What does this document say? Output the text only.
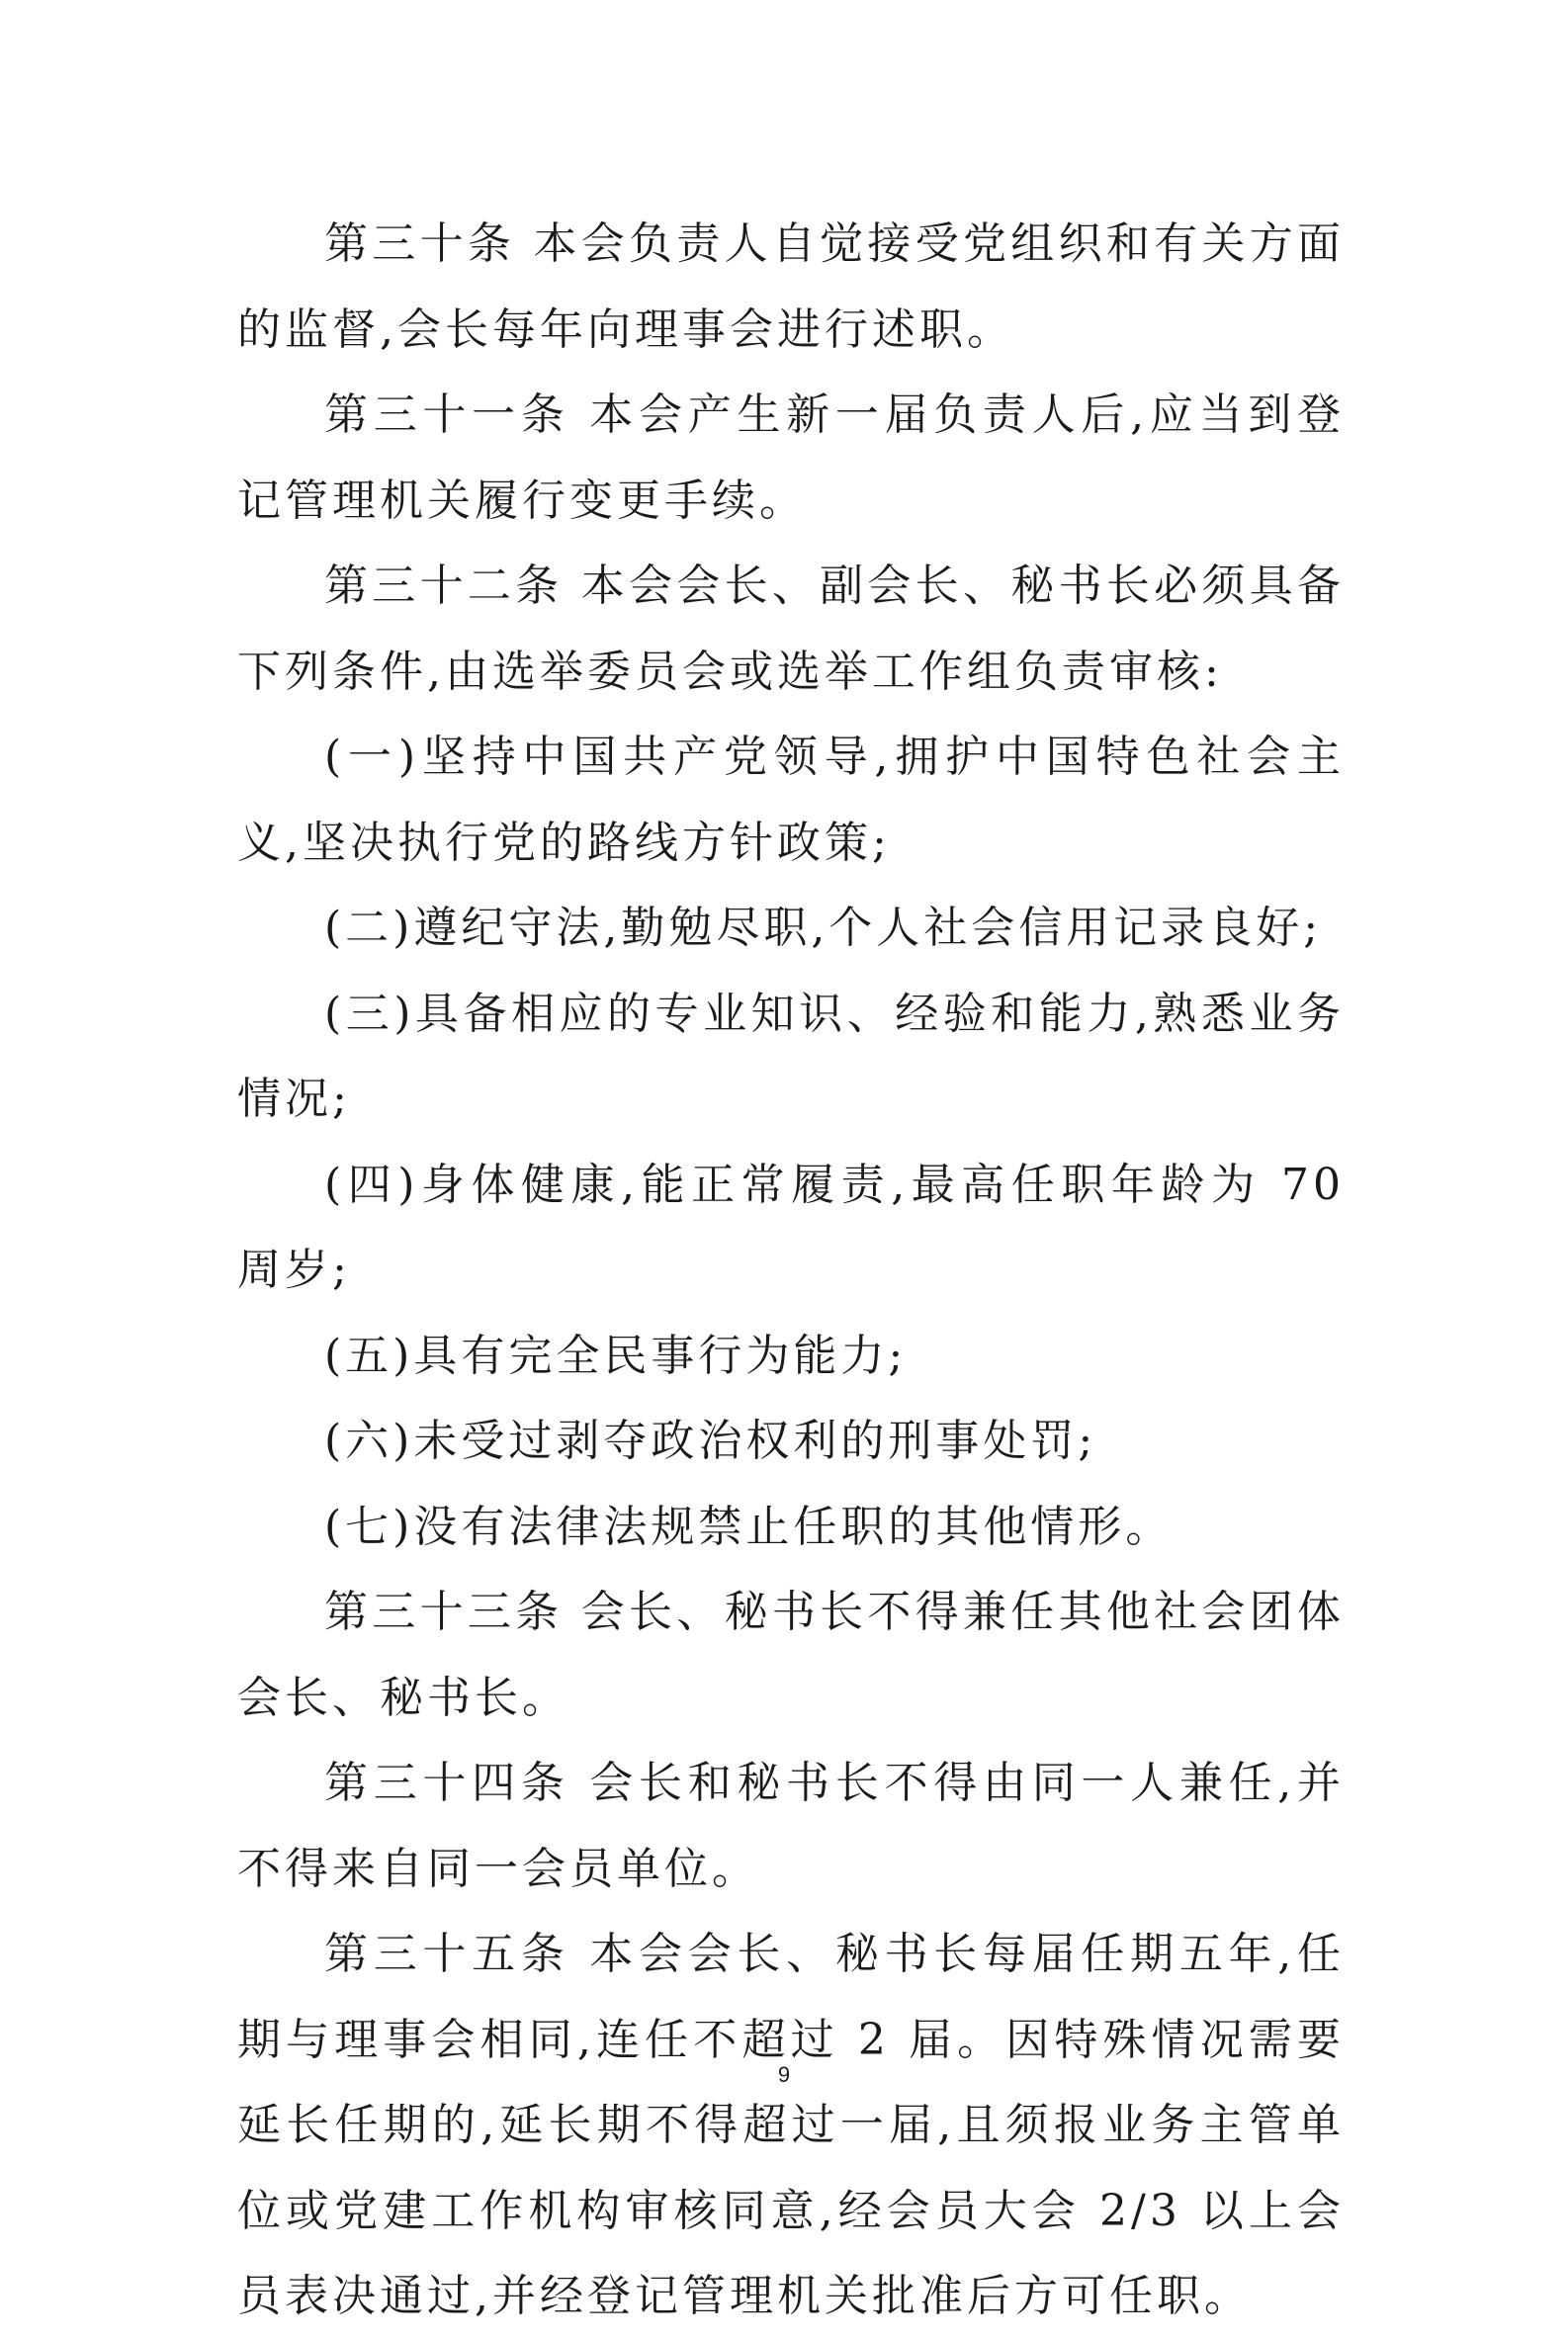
第三十条 本会负责人自觉接受党组织和有关方面的监督,会长每年向理事会进行述职。

第三十一条 本会产生新一届负责人后,应当到登记管理机关履行变更手续。

第三十二条 本会会长、副会长、秘书长必须具备下列条件,由选举委员会或选举工作组负责审核:

(一)坚持中国共产党领导,拥护中国特色社会主义,坚决执行党的路线方针政策;

(二)遵纪守法,勤勉尽职,个人社会信用记录良好;

(三)具备相应的专业知识、经验和能力,熟悉业务情况;

(四)身体健康,能正常履责,最高任职年龄为 70 周岁;

(五)具有完全民事行为能力;

(六)未受过剥夺政治权利的刑事处罚;

(七)没有法律法规禁止任职的其他情形。

第三十三条 会长、秘书长不得兼任其他社会团体会长、秘书长。

第三十四条 会长和秘书长不得由同一人兼任,并不得来自同一会员单位。

第三十五条 本会会长、秘书长每届任期五年,任期与理事会相同,连任不超过 2 届。因特殊情况需要延长任期的,延长期不得超过一届,且须报业务主管单位或党建工作机构审核同意,经会员大会 2/3 以上会员表决通过,并经登记管理机关批准后方可任职。

9
